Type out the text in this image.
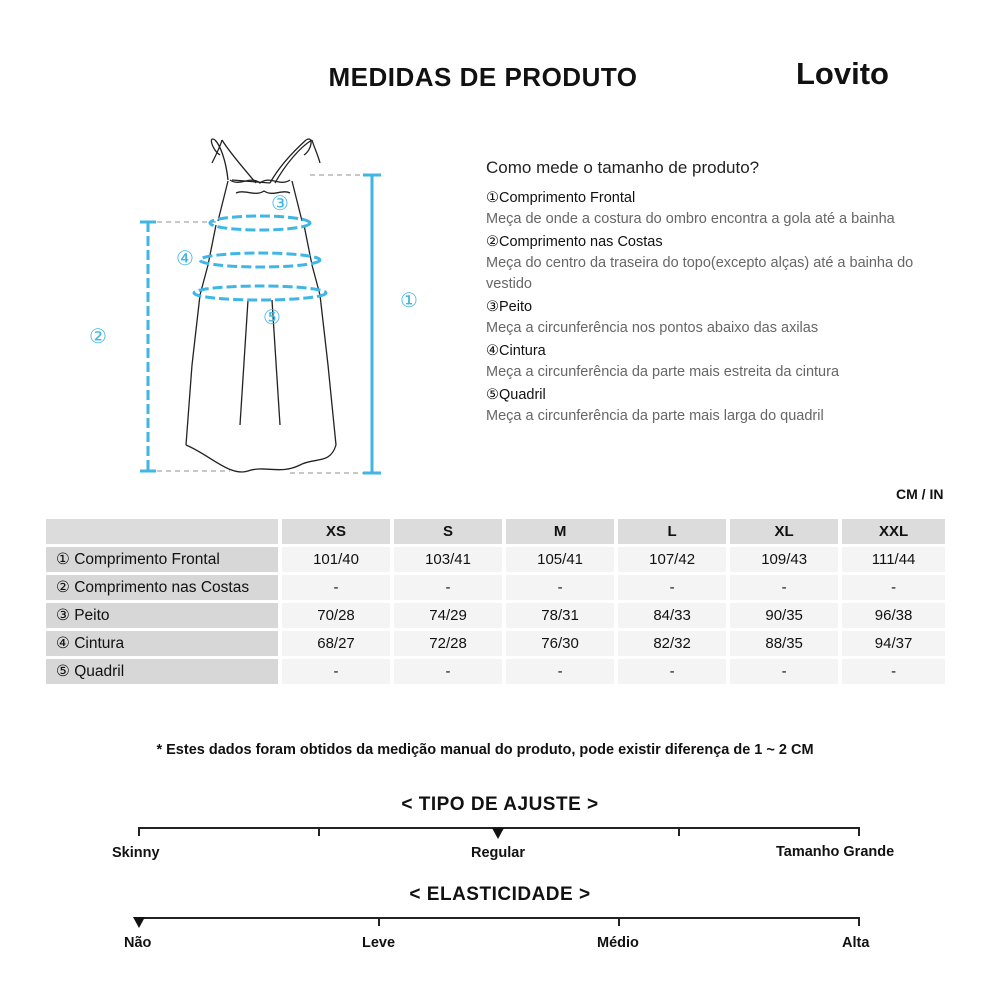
MEDIDAS DE PRODUTO	Lovito
①
②
③
④
⑤
Como mede o tamanho de produto?
①Comprimento Frontal
Meça de onde a costura do ombro encontra a gola até a bainha
②Comprimento nas Costas
Meça do centro da traseira do topo(excepto alças) até a bainha do vestido
③Peito
Meça a circunferência nos pontos abaixo das axilas
④Cintura
Meça a circunferência da parte mais estreita da cintura
⑤Quadril
Meça a circunferência da parte mais larga do quadril
CM / IN
	XS	S	M	L	XL	XXL
① Comprimento Frontal	101/40	103/41	105/41	107/42	109/43	111/44
② Comprimento nas Costas	-	-	-	-	-	-
③ Peito	70/28	74/29	78/31	84/33	90/35	96/38
④ Cintura	68/27	72/28	76/30	82/32	88/35	94/37
⑤ Quadril	-	-	-	-	-	-
* Estes dados foram obtidos da medição manual do produto, pode existir diferença de 1 ~ 2 CM
< TIPO DE AJUSTE >
Skinny	Regular	Tamanho Grande
< ELASTICIDADE >
Não	Leve	Médio	Alta
